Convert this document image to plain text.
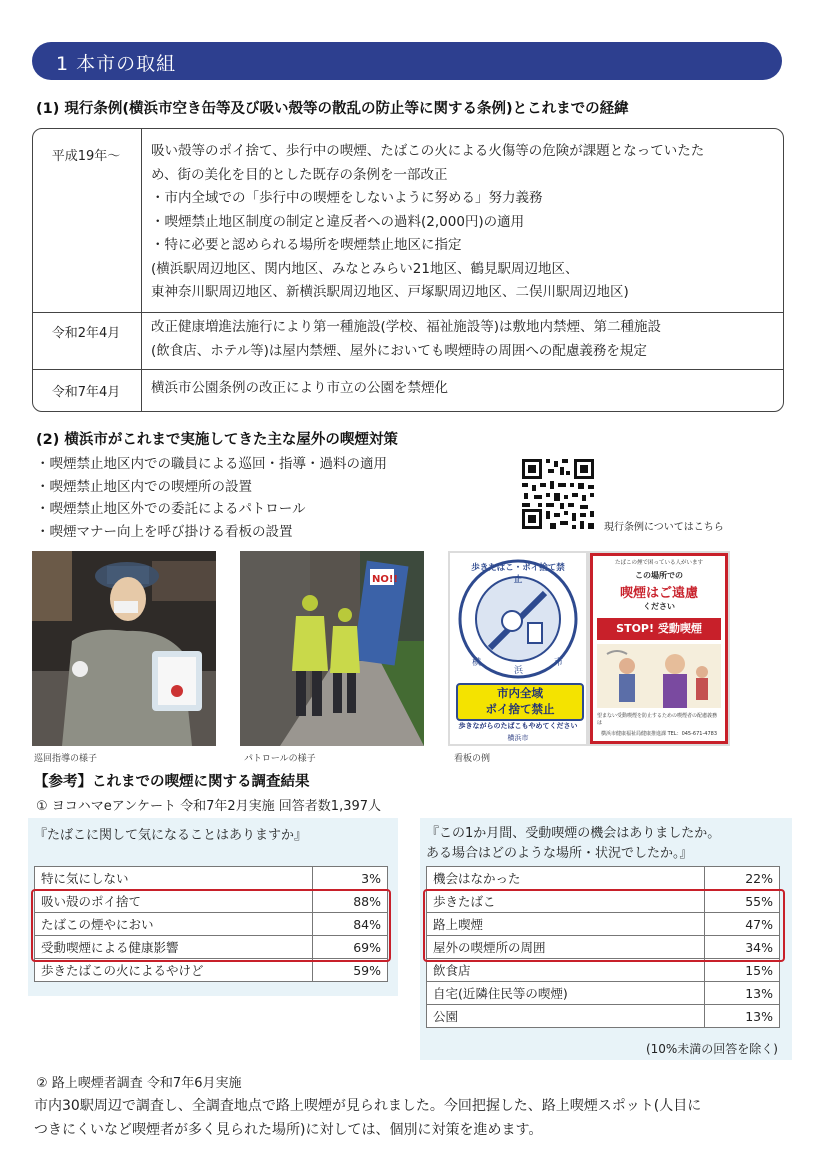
1 本市の取組
(1) 現行条例(横浜市空き缶等及び吸い殻等の散乱の防止等に関する条例)とこれまでの経緯
平成19年〜	吸い殻等のポイ捨て、歩行中の喫煙、たばこの火による火傷等の危険が課題となっていたた
め、街の美化を目的とした既存の条例を一部改正
・市内全域での「歩行中の喫煙をしないように努める」努力義務
・喫煙禁止地区制度の制定と違反者への過料(2,000円)の適用
・特に必要と認められる場所を喫煙禁止地区に指定
(横浜駅周辺地区、関内地区、みなとみらい21地区、鶴見駅周辺地区、
東神奈川駅周辺地区、新横浜駅周辺地区、戸塚駅周辺地区、二俣川駅周辺地区)
令和2年4月	改正健康増進法施行により第一種施設(学校、福祉施設等)は敷地内禁煙、第二種施設
(飲食店、ホテル等)は屋内禁煙、屋外においても喫煙時の周囲への配慮義務を規定
令和7年4月	横浜市公園条例の改正により市立の公園を禁煙化
(2) 横浜市がこれまで実施してきた主な屋外の喫煙対策
・喫煙禁止地区内での職員による巡回・指導・過料の適用
・喫煙禁止地区内での喫煙所の設置
・喫煙禁止地区外での委託によるパトロール
・喫煙マナー向上を呼び掛ける看板の設置	現行条例についてはこちら
巡回指導の様子
NO!!
パトロールの様子
歩きたばこ・ポイ捨て禁止
横
浜
市
市内全域
ポイ捨て禁止
歩きながらのたばこもやめてください
横浜市
たばこの煙で困っている人がいます
この場所での
喫煙はご遠慮
ください
STOP! 受動喫煙
望まない受動喫煙を防止するための喫煙者の配慮義務は
横浜市健康福祉局健康推進課 TEL：045-671-4783
看板の例
【参考】これまでの喫煙に関する調査結果
① ヨコハマeアンケート 令和7年2月実施 回答者数1,397人
『たばこに関して気になることはありますか』
特に気にしない	3%
吸い殻のポイ捨て	88%
たばこの煙やにおい	84%
受動喫煙による健康影響	69%
歩きたばこの火によるやけど	59%
『この1か月間、受動喫煙の機会はありましたか。
ある場合はどのような場所・状況でしたか。』
機会はなかった	22%
歩きたばこ	55%
路上喫煙	47%
屋外の喫煙所の周囲	34%
飲食店	15%
自宅(近隣住民等の喫煙)	13%
公園	13%
(10%未満の回答を除く)
② 路上喫煙者調査 令和7年6月実施
市内30駅周辺で調査し、全調査地点で路上喫煙が見られました。今回把握した、路上喫煙スポット(人目に
つきにくいなど喫煙者が多く見られた場所)に対しては、個別に対策を進めます。
